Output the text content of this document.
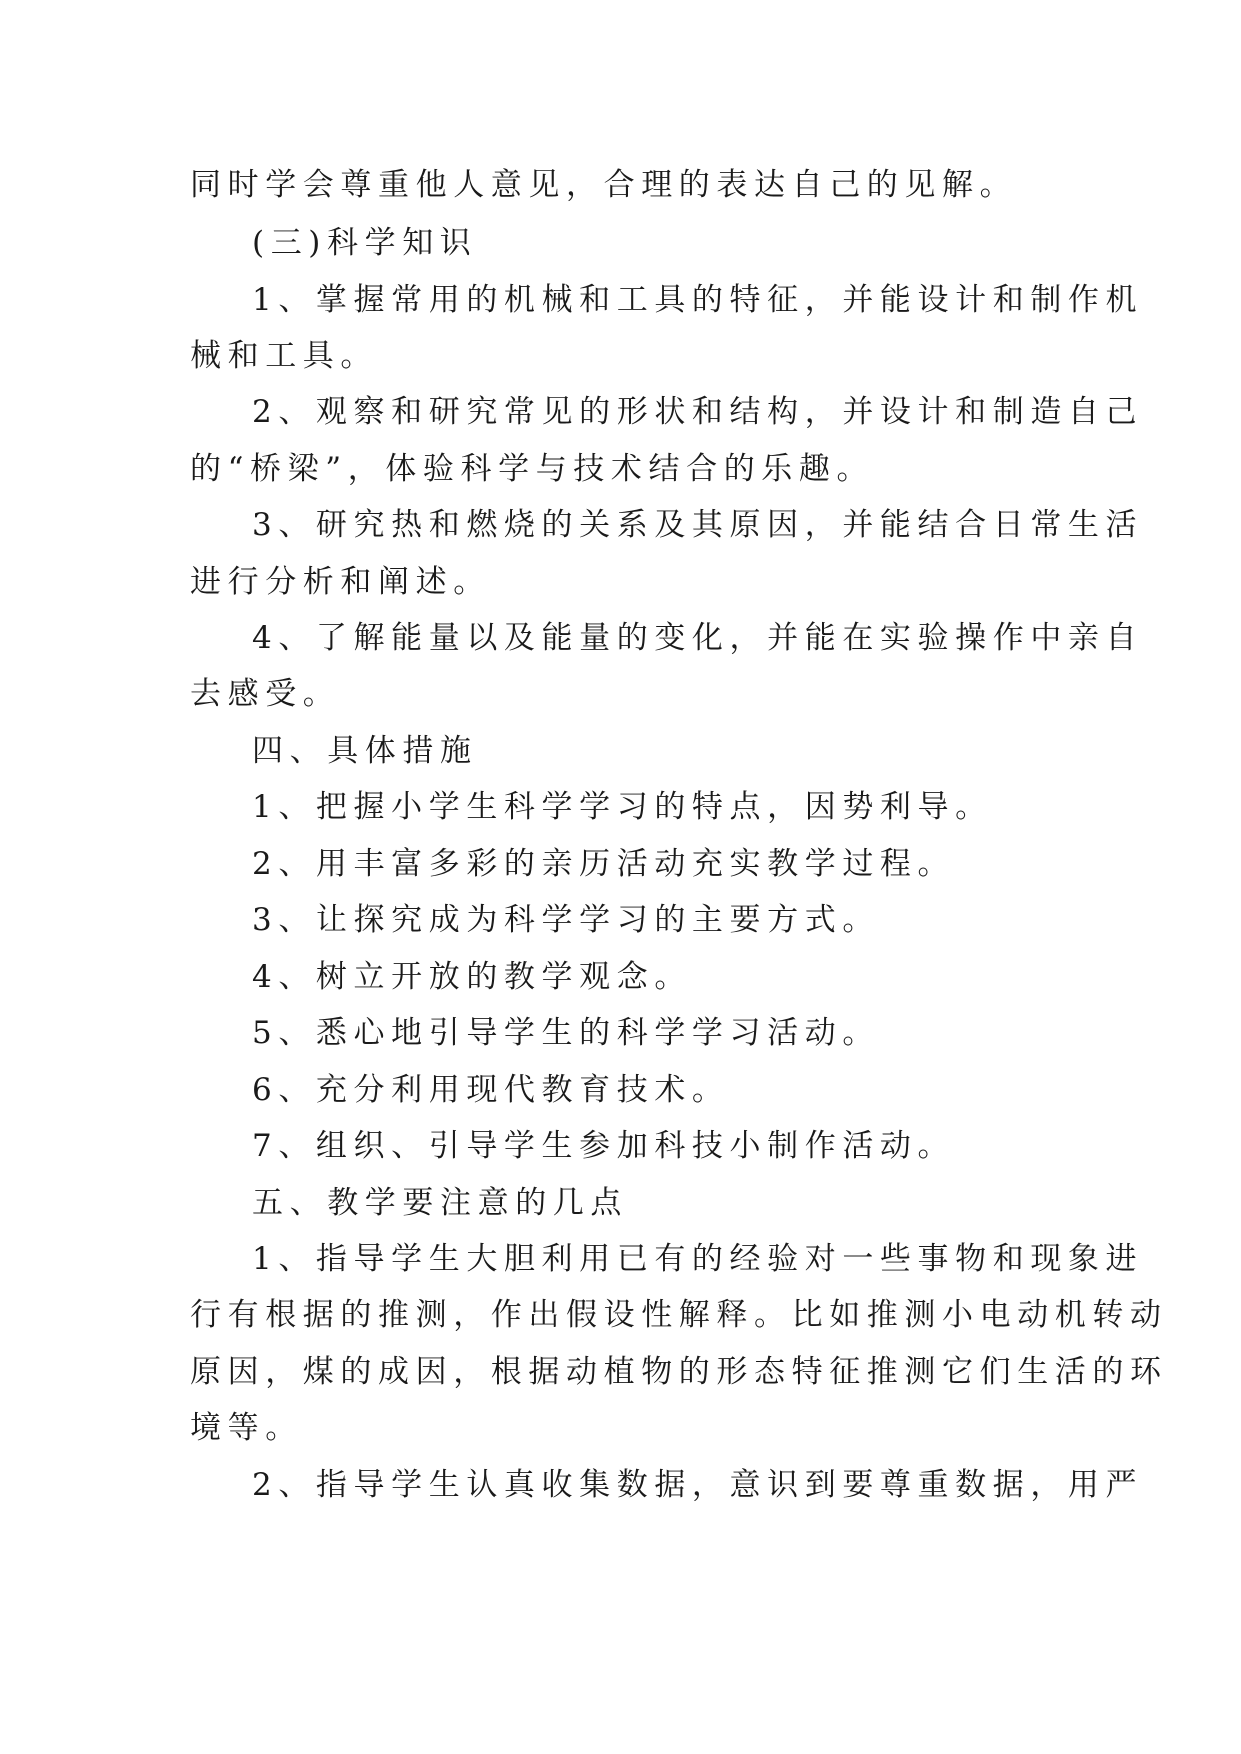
同时学会尊重他人意见，合理的表达自己的见解。
(三)科学知识
1、掌握常用的机械和工具的特征，并能设计和制作机
械和工具。
2、观察和研究常见的形状和结构，并设计和制造自己
的“桥梁”，体验科学与技术结合的乐趣。
3、研究热和燃烧的关系及其原因，并能结合日常生活
进行分析和阐述。
4、了解能量以及能量的变化，并能在实验操作中亲自
去感受。
四、具体措施
1、把握小学生科学学习的特点，因势利导。
2、用丰富多彩的亲历活动充实教学过程。
3、让探究成为科学学习的主要方式。
4、树立开放的教学观念。
5、悉心地引导学生的科学学习活动。
6、充分利用现代教育技术。
7、组织、引导学生参加科技小制作活动。
五、教学要注意的几点
1、指导学生大胆利用已有的经验对一些事物和现象进
行有根据的推测，作出假设性解释。比如推测小电动机转动
原因，煤的成因，根据动植物的形态特征推测它们生活的环
境等。
2、指导学生认真收集数据，意识到要尊重数据，用严
